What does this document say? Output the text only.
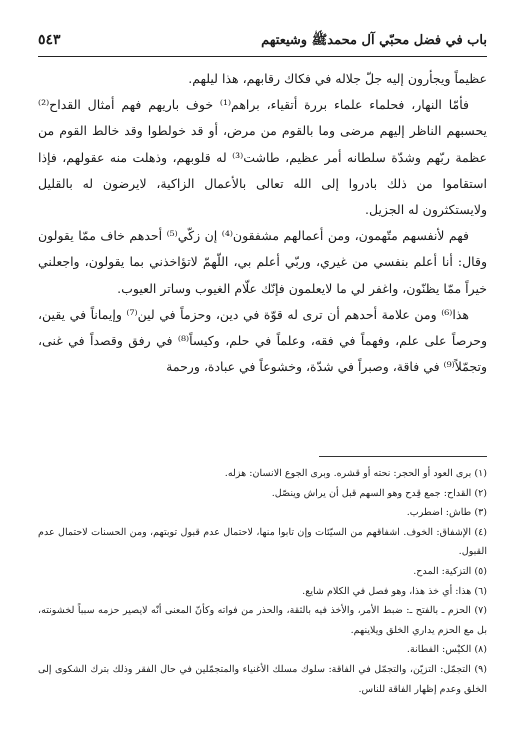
باب في فضل محبّي آل محمدﷺ وشيعتهم
٥٤٣

عظيماً ويجأرون إليه جلّ جلاله في فكاك رقابهم، هذا ليلهم.

فأمّا النهار، فحلماء علماء بررة أتقياء، براهم⁽¹⁾ خوف باريهم فهم أمثال القداح⁽²⁾ يحسبهم الناظر إليهم مرضى وما بالقوم من مرض، أو قد خولطوا وقد خالط القوم من عظمة ربّهم وشدّة سلطانه أمر عظيم، طاشت⁽³⁾ له قلوبهم، وذهلت منه عقولهم، فإذا استقاموا من ذلك بادروا إلى الله تعالى بالأعمال الزاكية، لايرضون له بالقليل ولايستكثرون له الجزيل.

فهم لأنفسهم متّهمون، ومن أعمالهم مشفقون⁽⁴⁾ إن زكّي⁽⁵⁾ أحدهم خاف ممّا يقولون وقال: أنا أعلم بنفسي من غيري، وربّي أعلم بي، اللّهمّ لاتؤاخذني بما يقولون، واجعلني خيراً ممّا يظنّون، واغفر لي ما لايعلمون فإنّك علّام الغيوب وساتر العيوب.

هذا⁽⁶⁾ ومن علامة أحدهم أن ترى له قوّة في دين، وحزماً في لين⁽⁷⁾ وإيماناً في يقين، وحرصاً على علم، وفهماً في فقه، وعلماً في حلم، وكيساً⁽⁸⁾ في رفق وقصداً في غنى، وتجمّلاً⁽⁹⁾ في فاقة، وصبراً في شدّة، وخشوعاً في عبادة، ورحمة

(١) برى العود أو الحجر: نحته أو قشره. وبرى الجوع الانسان: هزله.

(٢) القداح: جمع قِدح وهو السهم قبل أن يراش وينصّل.

(٣) طاش: اضطرب.

(٤) الإشفاق: الخوف. اشفاقهم من السيّئات وإن تابوا منها، لاحتمال عدم قبول توبتهم، ومن الحسنات لاحتمال عدم القبول.

(٥) التزكية: المدح.

(٦) هذا: أي خذ هذا، وهو فصل في الكلام شايع.

(٧) الحزم ـ بالفتح ـ: ضبط الأمر، والأخذ فيه بالثقة، والحذر من فواته وكأنّ المعنى أنّه لايصير حزمه سبباً لخشونته، بل مع الحزم يداري الخلق ويلاينهم.

(٨) الكيْس: الفطانة.

(٩) التجمّل: التزيّن، والتجمّل في الفاقة: سلوك مسلك الأغنياء والمتجمّلين في حال الفقر وذلك بترك الشكوى إلى الخلق وعدم إظهار الفاقة للناس.
